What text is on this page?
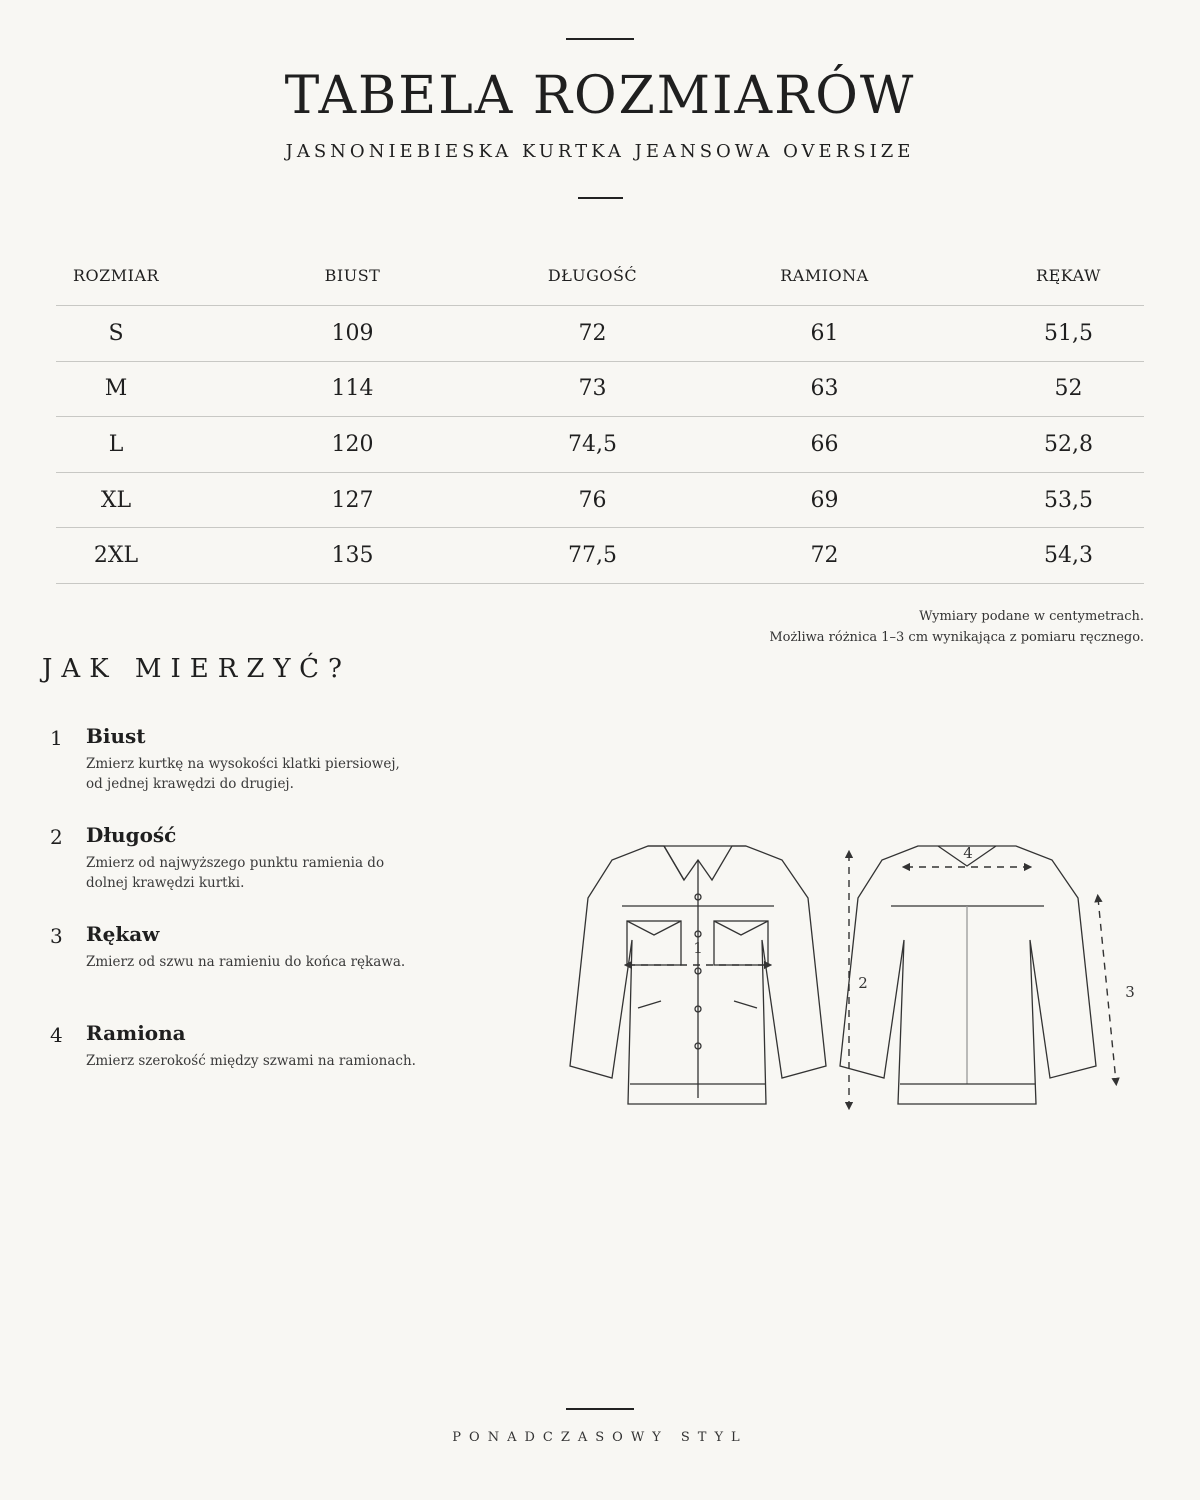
TABELA ROZMIARÓW
JASNONIEBIESKA KURTKA JEANSOWA OVERSIZE
ROZMIAR	BIUST	DŁUGOŚĆ	RAMIONA	RĘKAW
S	109	72	61	51,5
M	114	73	63	52
L	120	74,5	66	52,8
XL	127	76	69	53,5
2XL	135	77,5	72	54,3
Wymiary podane w centymetrach.
Możliwa różnica 1–3 cm wynikająca z pomiaru ręcznego.
JAK MIERZYĆ?
1 Biust
Zmierz kurtkę na wysokości klatki piersiowej, od jednej krawędzi do drugiej.
2 Długość
Zmierz od najwyższego punktu ramienia do dolnej krawędzi kurtki.
3 Rękaw
Zmierz od szwu na ramieniu do końca rękawa.
4 Ramiona
Zmierz szerokość między szwami na ramionach.
1
2	3
4
PONADCZASOWY STYL
